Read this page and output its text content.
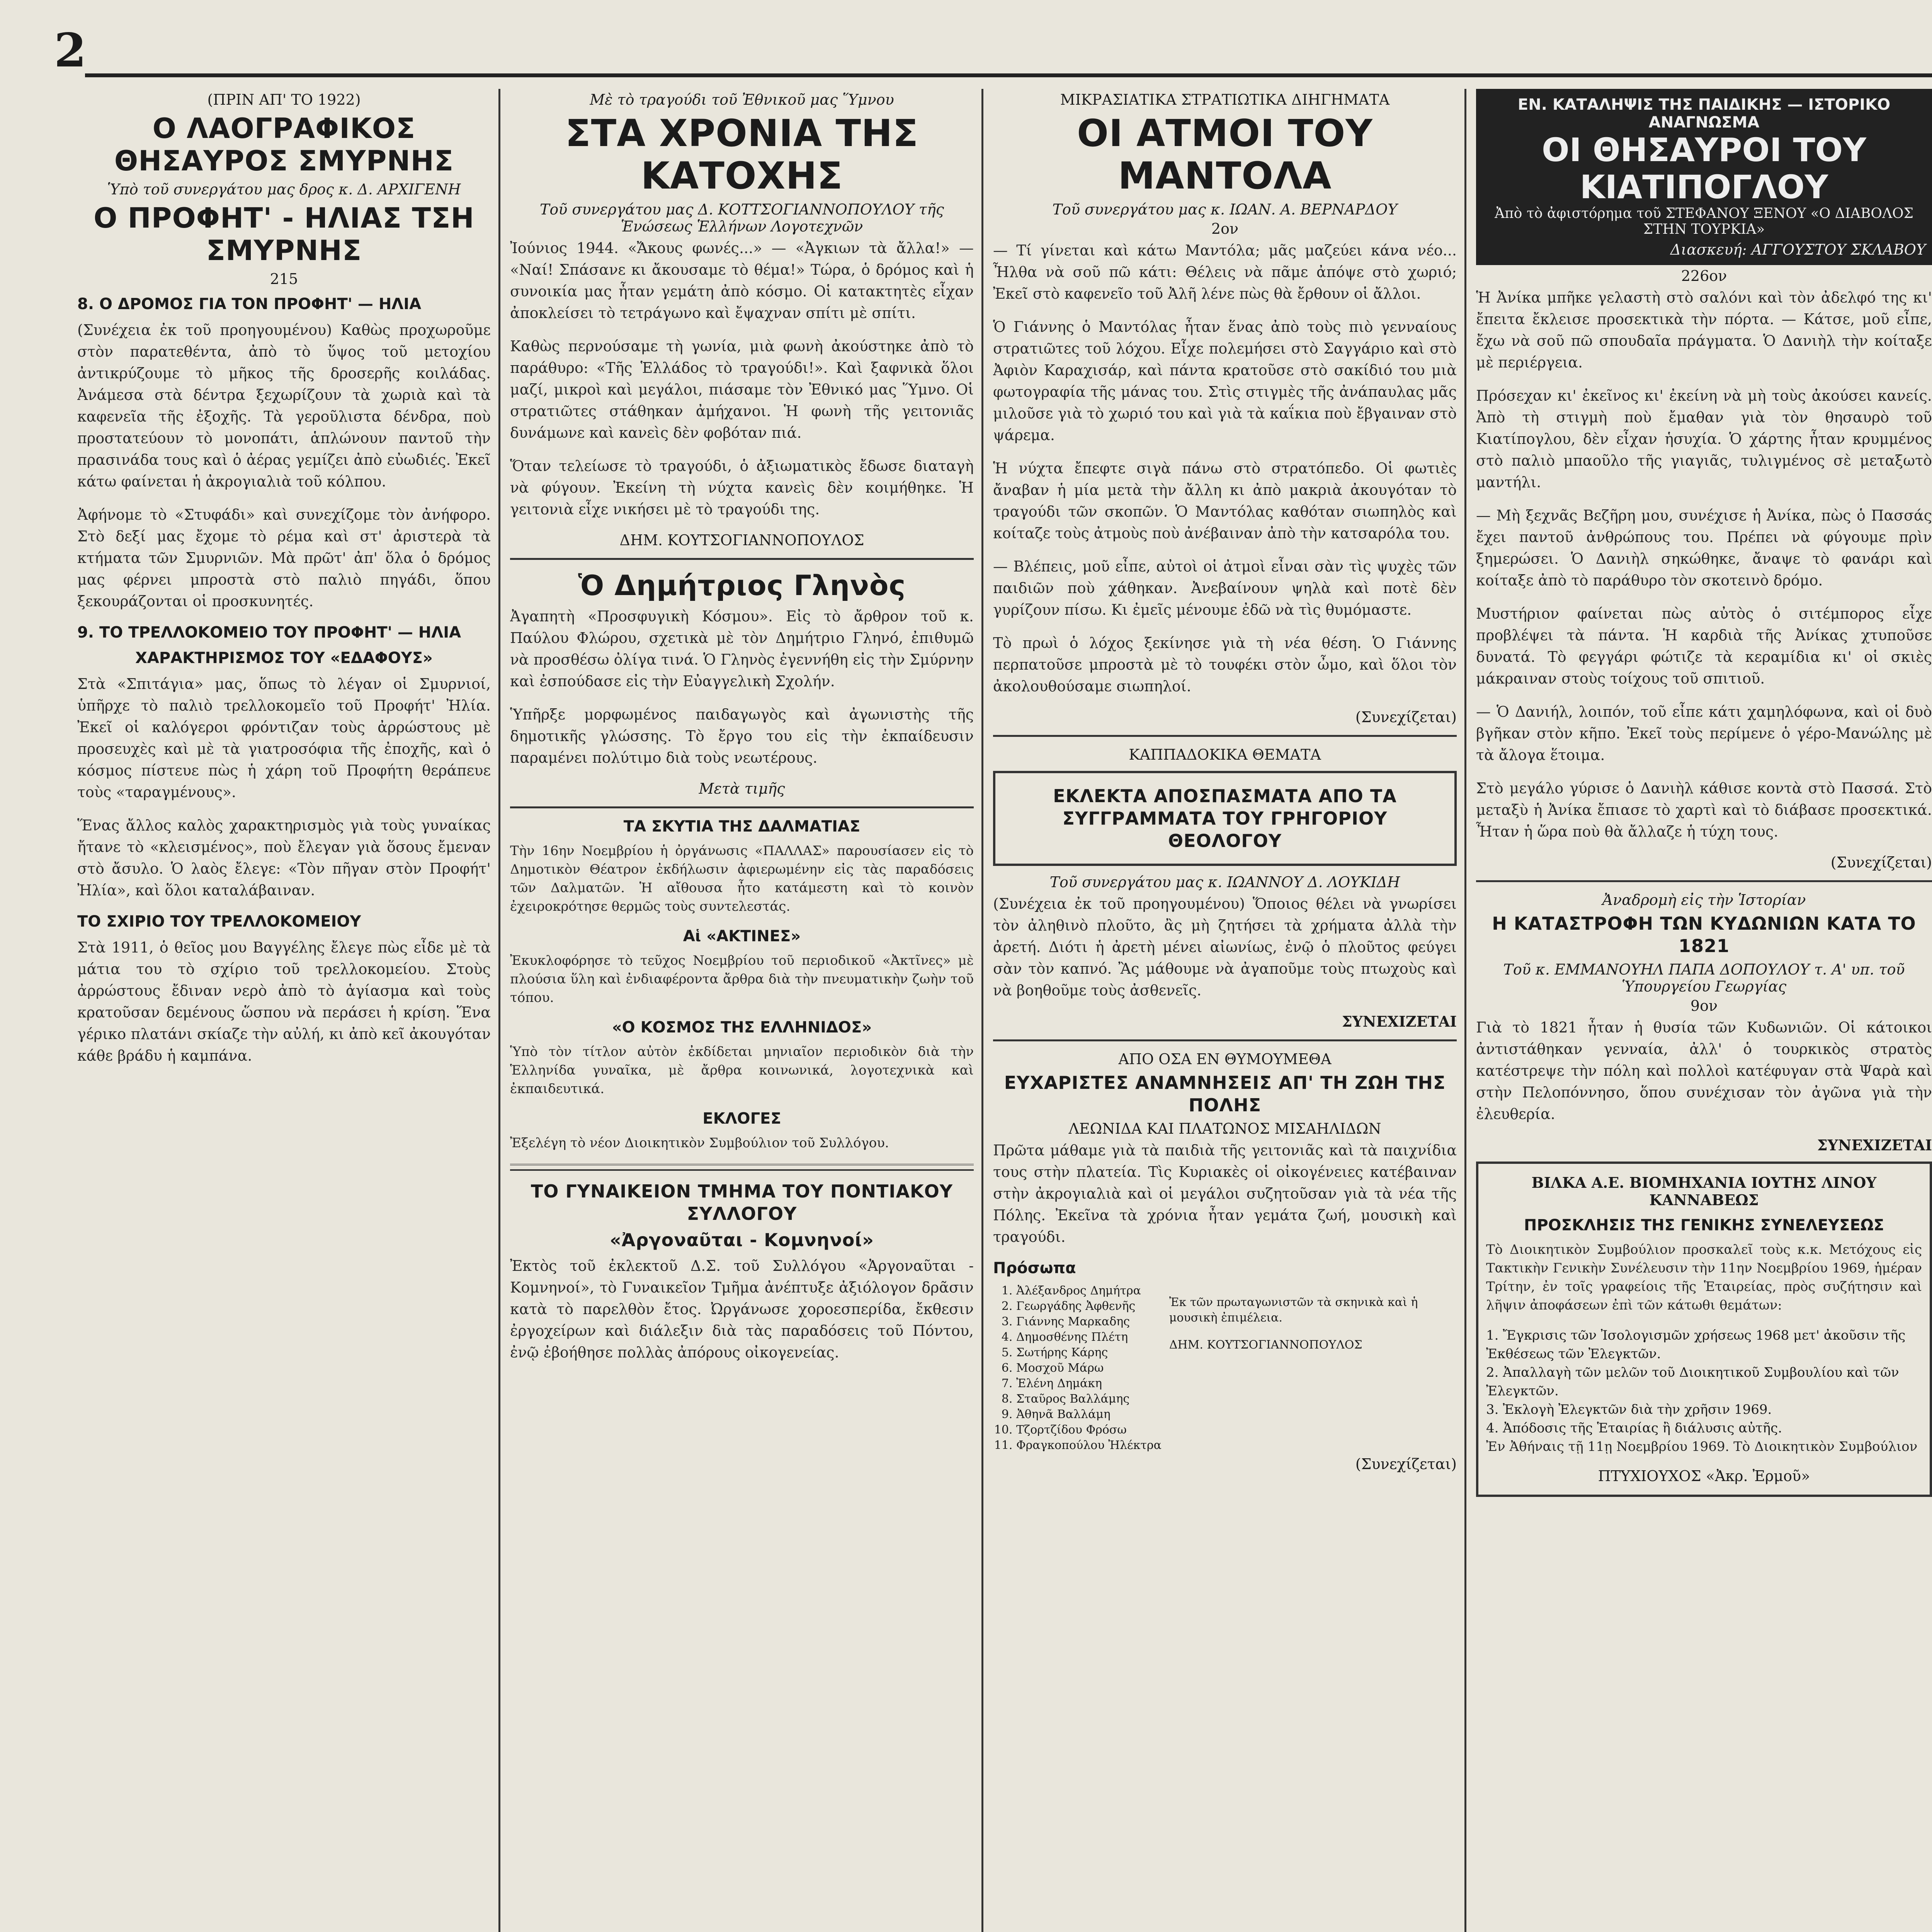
2
(ΠΡΙΝ ΑΠ' ΤΟ 1922)
Ο ΛΑΟΓΡΑΦΙΚΟΣ ΘΗΣΑΥΡΟΣ ΣΜΥΡΝΗΣ
Ὑπὸ τοῦ συνεργάτου μας δρος κ. Δ. ΑΡΧΙΓΕΝΗ
Ο ΠΡΟΦΗΤ' - ΗΛΙΑΣ ΤΣΗ ΣΜΥΡΝΗΣ
215
8. Ο ΔΡΟΜΟΣ ΓΙΑ ΤΟΝ ΠΡΟΦΗΤ' — ΗΛΙΑ

(Συνέχεια ἐκ τοῦ προηγουμένου) Καθὼς προχωροῦμε στὸν παρατεθέντα, ἀπὸ τὸ ὕψος τοῦ μετοχίου ἀντικρύζουμε τὸ μῆκος τῆς δροσερῆς κοιλάδας. Ἀνάμεσα στὰ δέντρα ξεχωρίζουν τὰ χωριὰ καὶ τὰ καφενεῖα τῆς ἐξοχῆς. Τὰ γεροῦλιστα δένδρα, ποὺ προστατεύουν τὸ μονοπάτι, ἁπλώνουν παντοῦ τὴν πρασινάδα τους καὶ ὁ ἀέρας γεμίζει ἀπὸ εὐωδιές. Ἐκεῖ κάτω φαίνεται ἡ ἀκρογιαλιὰ τοῦ κόλπου.

Ἀφήνομε τὸ «Στυφάδι» καὶ συνεχίζομε τὸν ἀνήφορο. Στὸ δεξί μας ἔχομε τὸ ρέμα καὶ στ' ἀριστερὰ τὰ κτήματα τῶν Σμυρνιῶν. Μὰ πρῶτ' ἀπ' ὅλα ὁ δρόμος μας φέρνει μπροστὰ στὸ παλιὸ πηγάδι, ὅπου ξεκουράζονται οἱ προσκυνητές.

9. ΤΟ ΤΡΕΛΛΟΚΟΜΕΙΟ ΤΟΥ ΠΡΟΦΗΤ' — ΗΛΙΑ
ΧΑΡΑΚΤΗΡΙΣΜΟΣ ΤΟΥ «ΕΔΑΦΟΥΣ»

Στὰ «Σπιτάγια» μας, ὅπως τὸ λέγαν οἱ Σμυρνιοί, ὑπῆρχε τὸ παλιὸ τρελλοκομεῖο τοῦ Προφήτ' Ἠλία. Ἐκεῖ οἱ καλόγεροι φρόντιζαν τοὺς ἀρρώστους μὲ προσευχὲς καὶ μὲ τὰ γιατροσόφια τῆς ἐποχῆς, καὶ ὁ κόσμος πίστευε πὼς ἡ χάρη τοῦ Προφήτη θεράπευε τοὺς «ταραγμένους».

Ἕνας ἄλλος καλὸς χαρακτηρισμὸς γιὰ τοὺς γυναίκας ἤτανε τὸ «κλεισμένος», ποὺ ἔλεγαν γιὰ ὅσους ἔμεναν στὸ ἄσυλο. Ὁ λαὸς ἔλεγε: «Τὸν πῆγαν στὸν Προφήτ' Ἠλία», καὶ ὅλοι καταλάβαιναν.

ΤΟ ΣΧΙΡΙΟ ΤΟΥ ΤΡΕΛΛΟΚΟΜΕΙΟΥ

Στὰ 1911, ὁ θεῖος μου Βαγγέλης ἔλεγε πὼς εἶδε μὲ τὰ μάτια του τὸ σχίριο τοῦ τρελλοκομείου. Στοὺς ἀρρώστους ἔδιναν νερὸ ἀπὸ τὸ ἁγίασμα καὶ τοὺς κρατοῦσαν δεμένους ὥσπου νὰ περάσει ἡ κρίση. Ἕνα γέρικο πλατάνι σκίαζε τὴν αὐλή, κι ἀπὸ κεῖ ἀκουγόταν κάθε βράδυ ἡ καμπάνα.

Μὲ τὸ τραγούδι τοῦ Ἐθνικοῦ μας Ὕμνου
ΣΤΑ ΧΡΟΝΙΑ ΤΗΣ ΚΑΤΟΧΗΣ
Τοῦ συνεργάτου μας Δ. ΚΟΤΤΣΟΓΙΑΝΝΟΠΟΥΛΟΥ τῆς Ἑνώσεως Ἑλλήνων Λογοτεχνῶν

Ἰούνιος 1944. «Ἄκους φωνές...» — «Ἀγκιων τὰ ἄλλα!» — «Ναί! Σπάσανε κι ἄκουσαμε τὸ θέμα!» Τώρα, ὁ δρόμος καὶ ἡ συνοικία μας ἦταν γεμάτη ἀπὸ κόσμο. Οἱ κατακτητὲς εἶχαν ἀποκλείσει τὸ τετράγωνο καὶ ἔψαχναν σπίτι μὲ σπίτι.

Καθὼς περνούσαμε τὴ γωνία, μιὰ φωνὴ ἀκούστηκε ἀπὸ τὸ παράθυρο: «Τῆς Ἑλλάδος τὸ τραγούδι!». Καὶ ξαφνικὰ ὅλοι μαζί, μικροὶ καὶ μεγάλοι, πιάσαμε τὸν Ἐθνικό μας Ὕμνο. Οἱ στρατιῶτες στάθηκαν ἀμήχανοι. Ἡ φωνὴ τῆς γειτονιᾶς δυνάμωνε καὶ κανεὶς δὲν φοβόταν πιά.

Ὅταν τελείωσε τὸ τραγούδι, ὁ ἀξιωματικὸς ἔδωσε διαταγὴ νὰ φύγουν. Ἐκείνη τὴ νύχτα κανεὶς δὲν κοιμήθηκε. Ἡ γειτονιὰ εἶχε νικήσει μὲ τὸ τραγούδι της.

ΔΗΜ. ΚΟΥΤΣΟΓΙΑΝΝΟΠΟΥΛΟΣ
Ὁ Δημήτριος Γληνὸς

Ἀγαπητὴ «Προσφυγικὴ Κόσμου». Εἰς τὸ ἄρθρον τοῦ κ. Παύλου Φλώρου, σχετικὰ μὲ τὸν Δημήτριο Γληνό, ἐπιθυμῶ νὰ προσθέσω ὀλίγα τινά. Ὁ Γληνὸς ἐγεννήθη εἰς τὴν Σμύρνην καὶ ἐσπούδασε εἰς τὴν Εὐαγγελικὴ Σχολήν.

Ὑπῆρξε μορφωμένος παιδαγωγὸς καὶ ἀγωνιστὴς τῆς δημοτικῆς γλώσσης. Τὸ ἔργο του εἰς τὴν ἐκπαίδευσιν παραμένει πολύτιμο διὰ τοὺς νεωτέρους.

Μετὰ τιμῆς
ΤΑ ΣΚΥΤΙΑ ΤΗΣ ΔΑΛΜΑΤΙΑΣ

Τὴν 16ην Νοεμβρίου ἡ ὀργάνωσις «ΠΑΛΛΑΣ» παρουσίασεν εἰς τὸ Δημοτικὸν Θέατρον ἐκδήλωσιν ἀφιερωμένην εἰς τὰς παραδόσεις τῶν Δαλματῶν. Ἡ αἴθουσα ἦτο κατάμεστη καὶ τὸ κοινὸν ἐχειροκρότησε θερμῶς τοὺς συντελεστάς.

Αἱ «ΑΚΤΙΝΕΣ»

Ἐκυκλοφόρησε τὸ τεῦχος Νοεμβρίου τοῦ περιοδικοῦ «Ἀκτῖνες» μὲ πλούσια ὕλη καὶ ἐνδιαφέροντα ἄρθρα διὰ τὴν πνευματικὴν ζωὴν τοῦ τόπου.

«Ο ΚΟΣΜΟΣ ΤΗΣ ΕΛΛΗΝΙΔΟΣ»

Ὑπὸ τὸν τίτλον αὐτὸν ἐκδίδεται μηνιαῖον περιοδικὸν διὰ τὴν Ἑλληνίδα γυναῖκα, μὲ ἄρθρα κοινωνικά, λογοτεχνικὰ καὶ ἐκπαιδευτικά.

ΕΚΛΟΓΕΣ

Ἐξελέγη τὸ νέον Διοικητικὸν Συμβούλιον τοῦ Συλλόγου.

ΤΟ ΓΥΝΑΙΚΕΙΟΝ ΤΜΗΜΑ ΤΟΥ ΠΟΝΤΙΑΚΟΥ ΣΥΛΛΟΓΟΥ
«Ἀργοναῦται - Κομνηνοί»

Ἐκτὸς τοῦ ἐκλεκτοῦ Δ.Σ. τοῦ Συλλόγου «Ἀργοναῦται - Κομνηνοί», τὸ Γυναικεῖον Τμῆμα ἀνέπτυξε ἀξιόλογον δρᾶσιν κατὰ τὸ παρελθὸν ἔτος. Ὠργάνωσε χοροεσπερίδα, ἔκθεσιν ἐργοχείρων καὶ διάλεξιν διὰ τὰς παραδόσεις τοῦ Πόντου, ἐνῷ ἐβοήθησε πολλὰς ἀπόρους οἰκογενείας.

ΜΙΚΡΑΣΙΑΤΙΚΑ ΣΤΡΑΤΙΩΤΙΚΑ ΔΙΗΓΗΜΑΤΑ
ΟΙ ΑΤΜΟΙ ΤΟΥ ΜΑΝΤΟΛΑ
Τοῦ συνεργάτου μας κ. ΙΩΑΝ. Α. ΒΕΡΝΑΡΔΟΥ
2ον

— Τί γίνεται καὶ κάτω Μαντόλα; μᾶς μαζεύει κάνα νέο... Ἦλθα νὰ σοῦ πῶ κάτι: Θέλεις νὰ πᾶμε ἀπόψε στὸ χωριό; Ἐκεῖ στὸ καφενεῖο τοῦ Ἀλῆ λένε πὼς θὰ ἔρθουν οἱ ἄλλοι.

Ὁ Γιάννης ὁ Μαντόλας ἦταν ἕνας ἀπὸ τοὺς πιὸ γενναίους στρατιῶτες τοῦ λόχου. Εἶχε πολεμήσει στὸ Σαγγάριο καὶ στὸ Ἀφιὸν Καραχισάρ, καὶ πάντα κρατοῦσε στὸ σακίδιό του μιὰ φωτογραφία τῆς μάνας του. Στὶς στιγμὲς τῆς ἀνάπαυλας μᾶς μιλοῦσε γιὰ τὸ χωριό του καὶ γιὰ τὰ καΐκια ποὺ ἔβγαιναν στὸ ψάρεμα.

Ἡ νύχτα ἔπεφτε σιγὰ πάνω στὸ στρατόπεδο. Οἱ φωτιὲς ἄναβαν ἡ μία μετὰ τὴν ἄλλη κι ἀπὸ μακριὰ ἀκουγόταν τὸ τραγούδι τῶν σκοπῶν. Ὁ Μαντόλας καθόταν σιωπηλὸς καὶ κοίταζε τοὺς ἀτμοὺς ποὺ ἀνέβαιναν ἀπὸ τὴν κατσαρόλα του.

— Βλέπεις, μοῦ εἶπε, αὐτοὶ οἱ ἀτμοὶ εἶναι σὰν τὶς ψυχὲς τῶν παιδιῶν ποὺ χάθηκαν. Ἀνεβαίνουν ψηλὰ καὶ ποτὲ δὲν γυρίζουν πίσω. Κι ἐμεῖς μένουμε ἐδῶ νὰ τὶς θυμόμαστε.

Τὸ πρωὶ ὁ λόχος ξεκίνησε γιὰ τὴ νέα θέση. Ὁ Γιάννης περπατοῦσε μπροστὰ μὲ τὸ τουφέκι στὸν ὦμο, καὶ ὅλοι τὸν ἀκολουθούσαμε σιωπηλοί.

(Συνεχίζεται)
ΚΑΠΠΑΔΟΚΙΚΑ ΘΕΜΑΤΑ
ΕΚΛΕΚΤΑ ΑΠΟΣΠΑΣΜΑΤΑ ΑΠΟ ΤΑ ΣΥΓΓΡΑΜΜΑΤΑ ΤΟΥ ΓΡΗΓΟΡΙΟΥ ΘΕΟΛΟΓΟΥ
Τοῦ συνεργάτου μας κ. ΙΩΑΝΝΟΥ Δ. ΛΟΥΚΙΔΗ

(Συνέχεια ἐκ τοῦ προηγουμένου) Ὅποιος θέλει νὰ γνωρίσει τὸν ἀληθινὸ πλοῦτο, ἂς μὴ ζητήσει τὰ χρήματα ἀλλὰ τὴν ἀρετή. Διότι ἡ ἀρετὴ μένει αἰωνίως, ἐνῷ ὁ πλοῦτος φεύγει σὰν τὸν καπνό. Ἂς μάθουμε νὰ ἀγαποῦμε τοὺς πτωχοὺς καὶ νὰ βοηθοῦμε τοὺς ἀσθενεῖς.

ΣΥΝΕΧΙΖΕΤΑΙ
ΑΠΟ ΟΣΑ ΕΝ ΘΥΜΟΥΜΕΘΑ
ΕΥΧΑΡΙΣΤΕΣ ΑΝΑΜΝΗΣΕΙΣ ΑΠ' ΤΗ ΖΩΗ ΤΗΣ ΠΟΛΗΣ
ΛΕΩΝΙΔΑ ΚΑΙ ΠΛΑΤΩΝΟΣ ΜΙΣΑΗΛΙΔΩΝ

Πρῶτα μάθαμε γιὰ τὰ παιδιὰ τῆς γειτονιᾶς καὶ τὰ παιχνίδια τους στὴν πλατεία. Τὶς Κυριακὲς οἱ οἰκογένειες κατέβαιναν στὴν ἀκρογιαλιὰ καὶ οἱ μεγάλοι συζητοῦσαν γιὰ τὰ νέα τῆς Πόλης. Ἐκεῖνα τὰ χρόνια ἦταν γεμάτα ζωή, μουσικὴ καὶ τραγούδι.

Πρόσωπα
1. Ἀλέξανδρος Δημήτρα
2. Γεωργάδης Ἀφθενῆς
3. Γιάννης Μαρκαδης
4. Δημοσθένης Πλέτη
5. Σωτήρης Κάρης
6. Μοσχοῦ Μάρω
7. Ἐλένη Δημάκη
8. Σταῦρος Βαλλάμης
9. Ἀθηνᾶ Βαλλάμη
10. Τζορτζίδου Φρόσω
11. Φραγκοπούλου Ἠλέκτρα

Ἐκ τῶν πρωταγωνιστῶν τὰ σκηνικὰ καὶ ἡ μουσικὴ ἐπιμέλεια.

ΔΗΜ. ΚΟΥΤΣΟΓΙΑΝΝΟΠΟΥΛΟΣ

(Συνεχίζεται)
ΕΝ. ΚΑΤΑΛΗΨΙΣ ΤΗΣ ΠΑΙΔΙΚΗΣ — ΙΣΤΟΡΙΚΟ ΑΝΑΓΝΩΣΜΑ
ΟΙ ΘΗΣΑΥΡΟΙ ΤΟΥ ΚΙΑΤΙΠΟΓΛΟΥ
Ἀπὸ τὸ ἀφιστόρημα τοῦ ΣΤΕΦΑΝΟΥ ΞΕΝΟΥ «Ο ΔΙΑΒΟΛΟΣ ΣΤΗΝ ΤΟΥΡΚΙΑ»
Διασκευή: ΑΓΓΟΥΣΤΟΥ ΣΚΛΑΒΟΥ
226ον

Ἡ Ἀνίκα μπῆκε γελαστὴ στὸ σαλόνι καὶ τὸν ἀδελφό της κι' ἔπειτα ἔκλεισε προσεκτικὰ τὴν πόρτα. — Κάτσε, μοῦ εἶπε, ἔχω νὰ σοῦ πῶ σπουδαῖα πράγματα. Ὁ Δανιὴλ τὴν κοίταξε μὲ περιέργεια.

Πρόσεχαν κι' ἐκεῖνος κι' ἐκείνη νὰ μὴ τοὺς ἀκούσει κανείς. Ἀπὸ τὴ στιγμὴ ποὺ ἔμαθαν γιὰ τὸν θησαυρὸ τοῦ Κιατίπογλου, δὲν εἶχαν ἡσυχία. Ὁ χάρτης ἦταν κρυμμένος στὸ παλιὸ μπαοῦλο τῆς γιαγιᾶς, τυλιγμένος σὲ μεταξωτὸ μαντήλι.

— Μὴ ξεχνᾶς Βεζῆρη μου, συνέχισε ἡ Ἀνίκα, πὼς ὁ Πασσάς ἔχει παντοῦ ἀνθρώπους του. Πρέπει νὰ φύγουμε πρὶν ξημερώσει. Ὁ Δανιὴλ σηκώθηκε, ἄναψε τὸ φανάρι καὶ κοίταξε ἀπὸ τὸ παράθυρο τὸν σκοτεινὸ δρόμο.

Μυστήριον φαίνεται πὼς αὐτὸς ὁ σιτέμπορος εἶχε προβλέψει τὰ πάντα. Ἡ καρδιὰ τῆς Ἀνίκας χτυποῦσε δυνατά. Τὸ φεγγάρι φώτιζε τὰ κεραμίδια κι' οἱ σκιὲς μάκραιναν στοὺς τοίχους τοῦ σπιτιοῦ.

— Ὁ Δανιήλ, λοιπόν, τοῦ εἶπε κάτι χαμηλόφωνα, καὶ οἱ δυὸ βγῆκαν στὸν κῆπο. Ἐκεῖ τοὺς περίμενε ὁ γέρο-Μανώλης μὲ τὰ ἄλογα ἕτοιμα.

Στὸ μεγάλο γύρισε ὁ Δανιὴλ κάθισε κοντὰ στὸ Πασσά. Στὸ μεταξὺ ἡ Ἀνίκα ἔπιασε τὸ χαρτὶ καὶ τὸ διάβασε προσεκτικά. Ἦταν ἡ ὥρα ποὺ θὰ ἄλλαζε ἡ τύχη τους.

(Συνεχίζεται)
Ἀναδρομὴ εἰς τὴν Ἱστορίαν
Η ΚΑΤΑΣΤΡΟΦΗ ΤΩΝ ΚΥΔΩΝΙΩΝ ΚΑΤΑ ΤΟ 1821
Τοῦ κ. ΕΜΜΑΝΟΥΗΛ ΠΑΠΑ ΔΟΠΟΥΛΟΥ τ. Α' υπ. τοῦ Ὑπουργείου Γεωργίας
9ον

Γιὰ τὸ 1821 ἦταν ἡ θυσία τῶν Κυδωνιῶν. Οἱ κάτοικοι ἀντιστάθηκαν γενναία, ἀλλ' ὁ τουρκικὸς στρατὸς κατέστρεψε τὴν πόλη καὶ πολλοὶ κατέφυγαν στὰ Ψαρὰ καὶ στὴν Πελοπόννησο, ὅπου συνέχισαν τὸν ἀγῶνα γιὰ τὴν ἐλευθερία.

ΣΥΝΕΧΙΖΕΤΑΙ
ΒΙΛΚΑ Α.Ε. ΒΙΟΜΗΧΑΝΙΑ ΙΟΥΤΗΣ ΛΙΝΟΥ ΚΑΝΝΑΒΕΩΣ
ΠΡΟΣΚΛΗΣΙΣ ΤΗΣ ΓΕΝΙΚΗΣ ΣΥΝΕΛΕΥΣΕΩΣ

Τὸ Διοικητικὸν Συμβούλιον προσκαλεῖ τοὺς κ.κ. Μετόχους εἰς Τακτικὴν Γενικὴν Συνέλευσιν τὴν 11ην Νοεμβρίου 1969, ἡμέραν Τρίτην, ἐν τοῖς γραφείοις τῆς Ἑταιρείας, πρὸς συζήτησιν καὶ λῆψιν ἀποφάσεων ἐπὶ τῶν κάτωθι θεμάτων:

1. Ἔγκρισις τῶν Ἰσολογισμῶν χρήσεως 1968 μετ' ἀκοῦσιν τῆς Ἐκθέσεως τῶν Ἐλεγκτῶν.
2. Ἀπαλλαγὴ τῶν μελῶν τοῦ Διοικητικοῦ Συμβουλίου καὶ τῶν Ἐλεγκτῶν.
3. Ἐκλογὴ Ἐλεγκτῶν διὰ τὴν χρῆσιν 1969.
4. Ἀπόδοσις τῆς Ἑταιρίας ἢ διάλυσις αὐτῆς.

Ἐν Ἀθήναις τῇ 11ῃ Νοεμβρίου 1969. Τὸ Διοικητικὸν Συμβούλιον

ΠΤΥΧΙΟΥΧΟΣ «Ἀκρ. Ἐρμοῦ»
